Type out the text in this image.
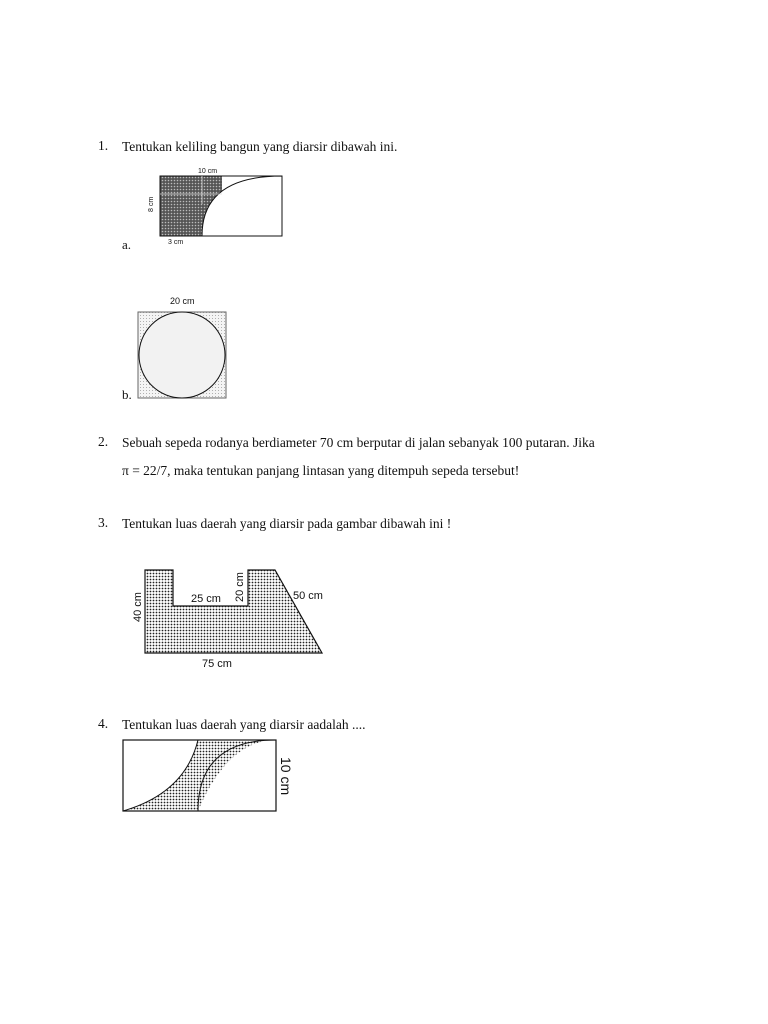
1. Tentukan keliling bangun yang diarsir dibawah ini.
10 cm
8 cm
3 cm
a.
20 cm
b.
2. Sebuah sepeda rodanya berdiameter 70 cm berputar di jalan sebanyak 100 putaran. Jika
π = 22/7, maka tentukan panjang lintasan yang ditempuh sepeda tersebut!
3. Tentukan luas daerah yang diarsir pada gambar dibawah ini !
40 cm	25 cm 20 cm	50 cm
75 cm
4. Tentukan luas daerah yang diarsir aadalah ....
10 cm
